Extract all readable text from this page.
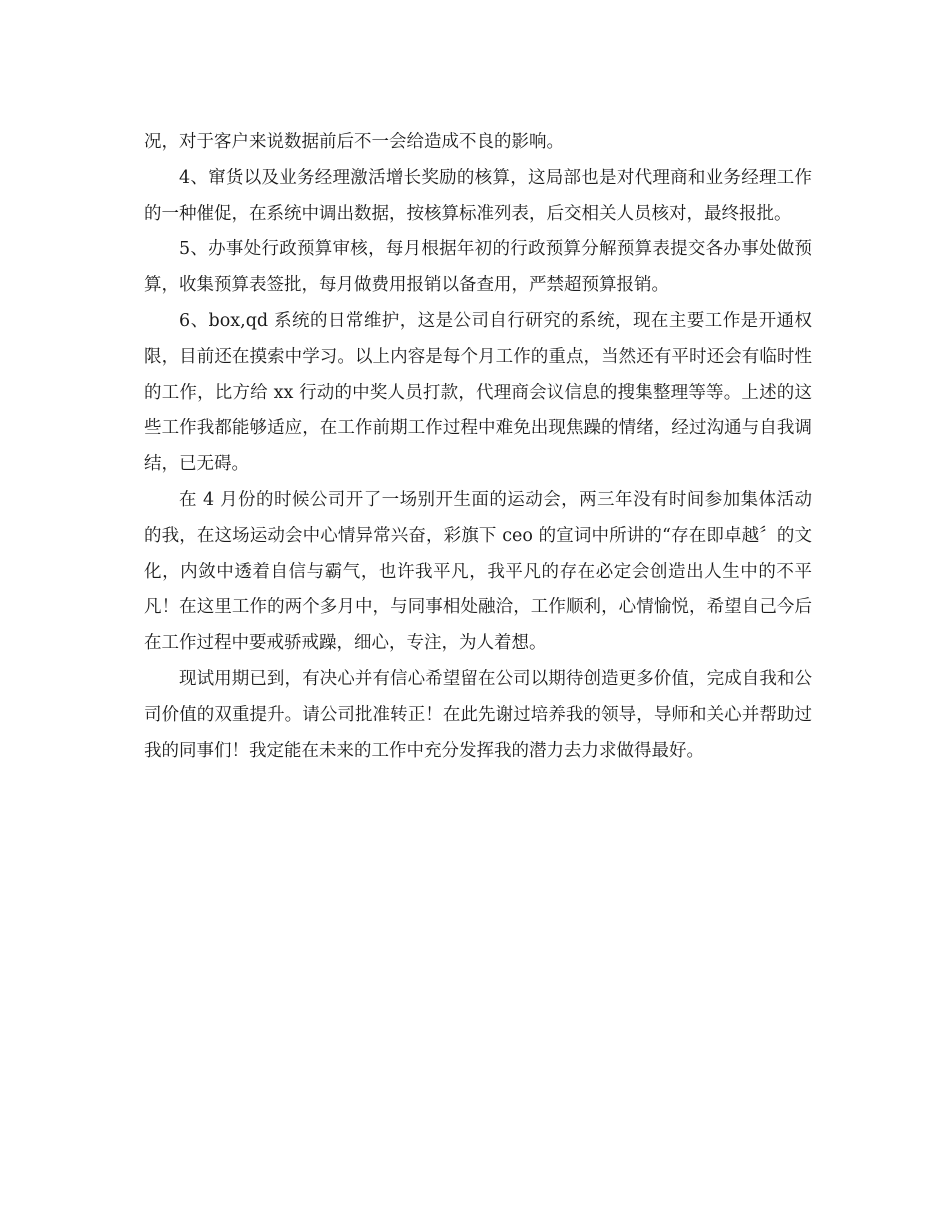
况，对于客户来说数据前后不一会给造成不良的影响。

4、窜货以及业务经理激活增长奖励的核算，这局部也是对代理商和业务经理工作的一种催促，在系统中调出数据，按核算标准列表，后交相关人员核对，最终报批。

5、办事处行政预算审核，每月根据年初的行政预算分解预算表提交各办事处做预算，收集预算表签批，每月做费用报销以备查用，严禁超预算报销。

6、box,qd 系统的日常维护，这是公司自行研究的系统，现在主要工作是开通权限，目前还在摸索中学习。以上内容是每个月工作的重点，当然还有平时还会有临时性的工作，比方给 xx 行动的中奖人员打款，代理商会议信息的搜集整理等等。上述的这些工作我都能够适应，在工作前期工作过程中难免出现焦躁的情绪，经过沟通与自我调结，已无碍。

在 4 月份的时候公司开了一场别开生面的运动会，两三年没有时间参加集体活动的我，在这场运动会中心情异常兴奋，彩旗下 ceo 的宣词中所讲的“存在即卓越〞的文化，内敛中透着自信与霸气，也许我平凡，我平凡的存在必定会创造出人生中的不平凡！在这里工作的两个多月中，与同事相处融洽，工作顺利，心情愉悦，希望自己今后在工作过程中要戒骄戒躁，细心，专注，为人着想。

现试用期已到，有决心并有信心希望留在公司以期待创造更多价值，完成自我和公司价值的双重提升。请公司批准转正！在此先谢过培养我的领导，导师和关心并帮助过我的同事们！我定能在未来的工作中充分发挥我的潜力去力求做得最好。
